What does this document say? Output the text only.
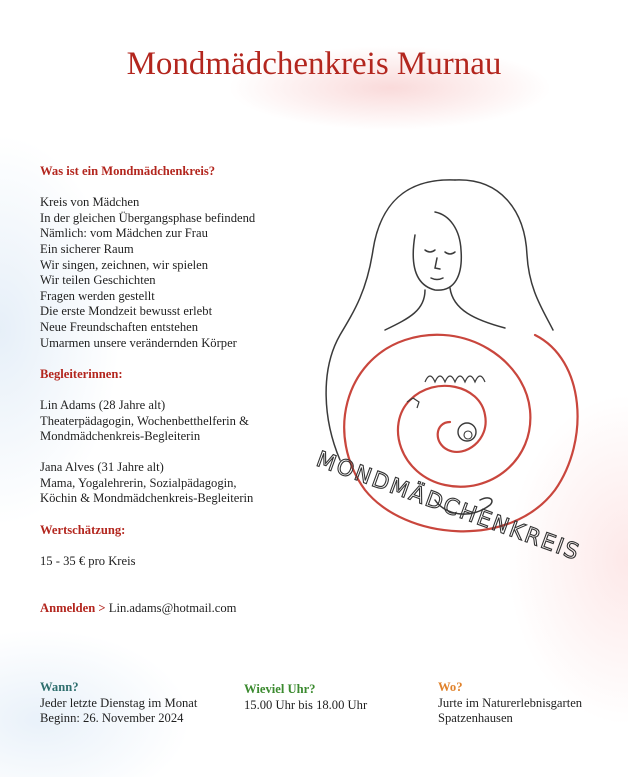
Mondmädchenkreis Murnau
Was ist ein Mondmädchenkreis?
Kreis von Mädchen
In der gleichen Übergangsphase befindend
Nämlich: vom Mädchen zur Frau
Ein sicherer Raum
Wir singen, zeichnen, wir spielen
Wir teilen Geschichten
Fragen werden gestellt
Die erste Mondzeit bewusst erlebt
Neue Freundschaften entstehen
Umarmen unsere verändernden Körper
Begleiterinnen:
Lin Adams (28 Jahre alt)
Theaterpädagogin, Wochenbetthelferin &
Mondmädchenkreis-Begleiterin
Jana Alves (31 Jahre alt)
Mama, Yogalehrerin, Sozialpädagogin,
Köchin & Mondmädchenkreis-Begleiterin
Wertschätzung:
15 - 35 € pro Kreis
Anmelden > Lin.adams@hotmail.com
Wann?
Jeder letzte Dienstag im Monat
Beginn: 26. November 2024
Wieviel Uhr?
15.00 Uhr bis 18.00 Uhr
Wo?
Jurte im Naturerlebnisgarten
Spatzenhausen
MONDMÄDCHENKREIS
